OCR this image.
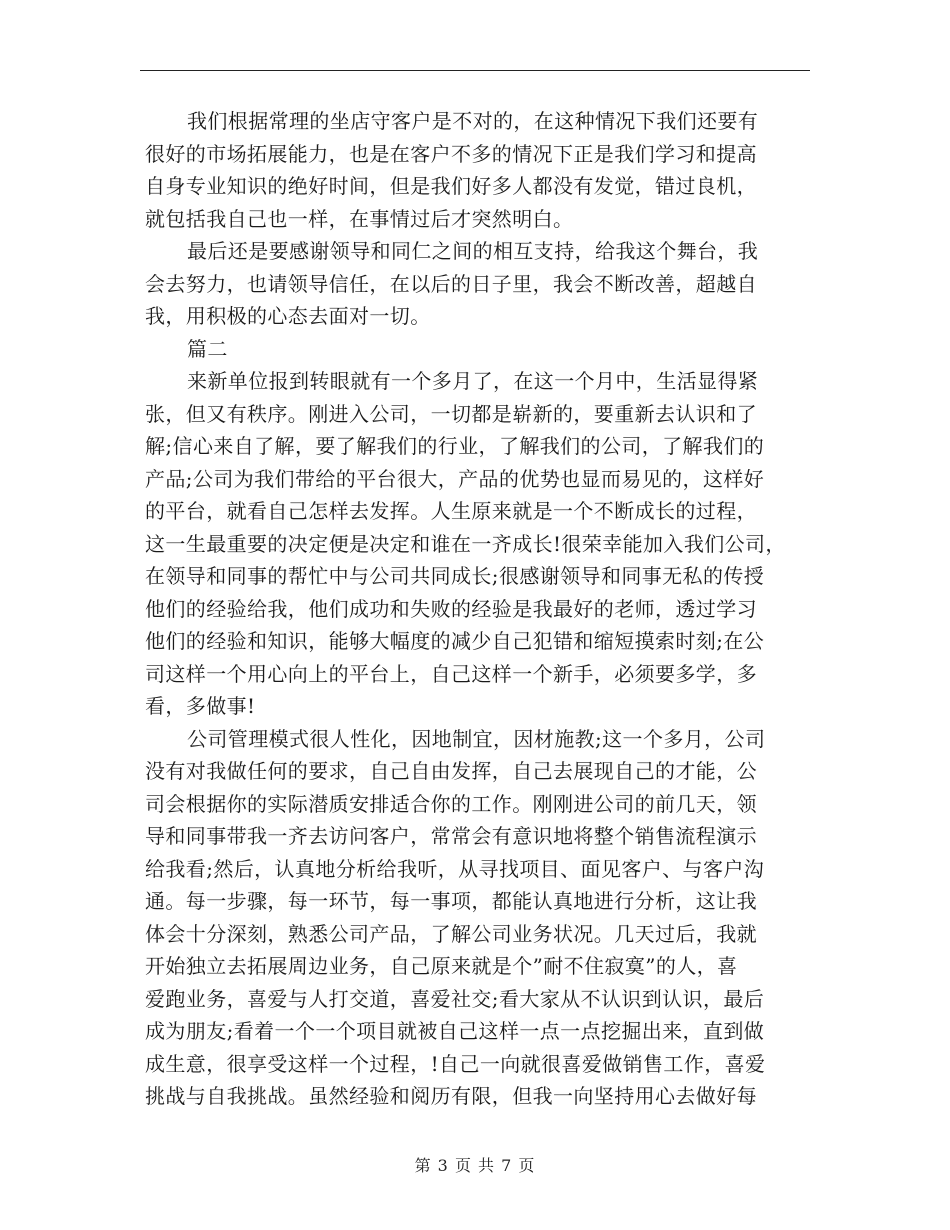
我们根据常理的坐店守客户是不对的，在这种情况下我们还要有
很好的市场拓展能力，也是在客户不多的情况下正是我们学习和提高
自身专业知识的绝好时间，但是我们好多人都没有发觉，错过良机，
就包括我自己也一样，在事情过后才突然明白。
最后还是要感谢领导和同仁之间的相互支持，给我这个舞台，我
会去努力，也请领导信任，在以后的日子里，我会不断改善，超越自
我，用积极的心态去面对一切。
篇二
来新单位报到转眼就有一个多月了，在这一个月中，生活显得紧
张，但又有秩序。刚进入公司，一切都是崭新的，要重新去认识和了
解;信心来自了解，要了解我们的行业，了解我们的公司，了解我们的
产品;公司为我们带给的平台很大，产品的优势也显而易见的，这样好
的平台，就看自己怎样去发挥。人生原来就是一个不断成长的过程，
这一生最重要的决定便是决定和谁在一齐成长!很荣幸能加入我们公司，
在领导和同事的帮忙中与公司共同成长;很感谢领导和同事无私的传授
他们的经验给我，他们成功和失败的经验是我最好的老师，透过学习
他们的经验和知识，能够大幅度的减少自己犯错和缩短摸索时刻;在公
司这样一个用心向上的平台上，自己这样一个新手，必须要多学，多
看，多做事!
公司管理模式很人性化，因地制宜，因材施教;这一个多月，公司
没有对我做任何的要求，自己自由发挥，自己去展现自己的才能，公
司会根据你的实际潜质安排适合你的工作。刚刚进公司的前几天，领
导和同事带我一齐去访问客户，常常会有意识地将整个销售流程演示
给我看;然后，认真地分析给我听，从寻找项目、面见客户、与客户沟
通。每一步骤，每一环节，每一事项，都能认真地进行分析，这让我
体会十分深刻，熟悉公司产品，了解公司业务状况。几天过后，我就
开始独立去拓展周边业务，自己原来就是个”耐不住寂寞”的人，喜
爱跑业务，喜爱与人打交道，喜爱社交;看大家从不认识到认识，最后
成为朋友;看着一个一个项目就被自己这样一点一点挖掘出来，直到做
成生意，很享受这样一个过程，!自己一向就很喜爱做销售工作，喜爱
挑战与自我挑战。虽然经验和阅历有限，但我一向坚持用心去做好每
第 3 页 共 7 页
